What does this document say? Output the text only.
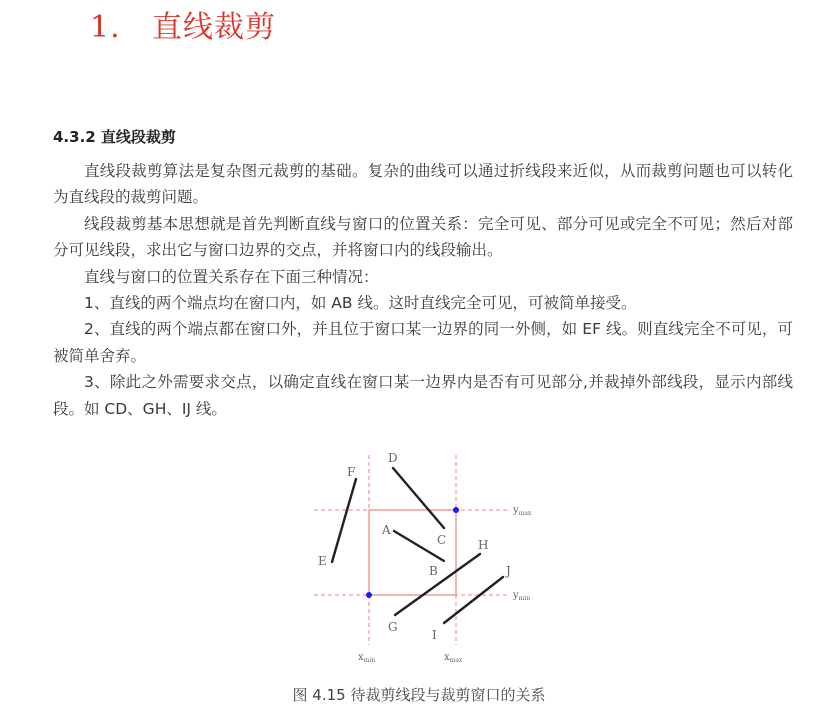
1. 直线裁剪
4.3.2 直线段裁剪

直线段裁剪算法是复杂图元裁剪的基础。复杂的曲线可以通过折线段来近似，从而裁剪问题也可以转化为直线段的裁剪问题。

线段裁剪基本思想就是首先判断直线与窗口的位置关系：完全可见、部分可见或完全不可见；然后对部分可见线段，求出它与窗口边界的交点，并将窗口内的线段输出。

直线与窗口的位置关系存在下面三种情况：

1、直线的两个端点均在窗口内，如 AB 线。这时直线完全可见，可被简单接受。

2、直线的两个端点都在窗口外，并且位于窗口某一边界的同一外侧，如 EF 线。则直线完全不可见，可被简单舍弃。

3、除此之外需要求交点，以确定直线在窗口某一边界内是否有可见部分,并裁掉外部线段，显示内部线段。如 CD、GH、IJ 线。

E
F
D
C
A
B
H
G
J
I
$y_{max}$
$y_{min}$
$x_{min}$	$x_{max}$
图 4.15 待裁剪线段与裁剪窗口的关系
